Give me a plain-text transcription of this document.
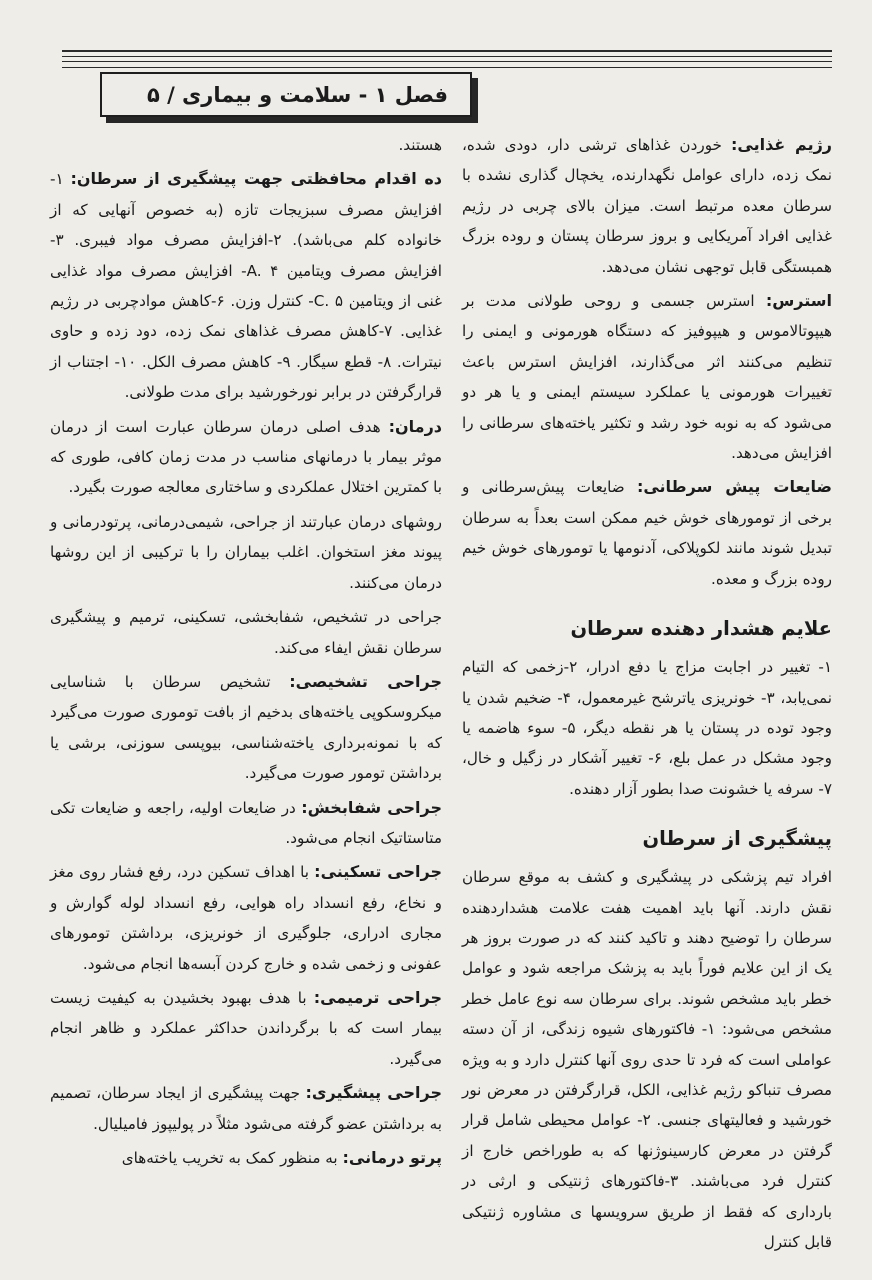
فصل ۱ - سلامت و بیماری / ۵

رژیم غذایی: خوردن غذاهای ترشی دار، دودی شده، نمک زده، دارای عوامل نگهدارنده، یخچال گذاری نشده با سرطان معده مرتبط است. میزان بالای چربی در رژیم غذایی افراد آمریکایی و بروز سرطان پستان و روده بزرگ همبستگی قابل توجهی نشان می‌دهد.

استرس: استرس جسمی و روحی طولانی مدت بر هیپوتالاموس و هیپوفیز که دستگاه هورمونی و ایمنی را تنظیم می‌کنند اثر می‌گذارند، افزایش استرس باعث تغییرات هورمونی یا عملکرد سیستم ایمنی و یا هر دو می‌شود که به نوبه خود رشد و تکثیر یاخته‌های سرطانی را افزایش می‌دهد.

ضایعات پیش سرطانی: ضایعات پیش‌سرطانی و برخی از تومورهای خوش خیم ممکن است بعداً به سرطان تبدیل شوند مانند لکوپلاکی، آدنومها یا تومورهای خوش خیم روده بزرگ و معده.

علایم هشدار دهنده سرطان

۱- تغییر در اجابت مزاج یا دفع ادرار، ۲-زخمی که التیام نمی‌یابد، ۳- خونریزی یاترشح غیرمعمول، ۴- ضخیم شدن یا وجود توده در پستان یا هر نقطه دیگر، ۵- سوء هاضمه یا وجود مشکل در عمل بلع، ۶- تغییر آشکار در زگیل و خال، ۷- سرفه یا خشونت صدا بطور آزار دهنده.

پیشگیری از سرطان

افراد تیم پزشکی در پیشگیری و کشف به موقع سرطان نقش دارند. آنها باید اهمیت هفت علامت هشداردهنده سرطان را توضیح دهند و تاکید کنند که در صورت بروز هر یک از این علایم فوراً باید به پزشک مراجعه شود و عوامل خطر باید مشخص شوند. برای سرطان سه نوع عامل خطر مشخص می‌شود: ۱- فاکتورهای شیوه زندگی، از آن دسته عواملی است که فرد تا حدی روی آنها کنترل دارد و به ویژه مصرف تنباکو رژیم غذایی، الکل، قرارگرفتن در معرض نور خورشید و فعالیتهای جنسی. ۲- عوامل محیطی شامل قرار گرفتن در معرض کارسینوژنها که به طوراخص خارج از کنترل فرد می‌باشند. ۳-فاکتورهای ژنتیکی و ارثی در بارداری که فقط از طریق سرویسها ی مشاوره ژنتیکی قابل کنترل

هستند.

ده اقدام محافظتی جهت پیشگیری از سرطان: ۱- افزایش مصرف سبزیجات تازه (به خصوص آنهایی که از خانواده کلم می‌باشد). ۲-افزایش مصرف مواد فیبری. ۳- افزایش مصرف ویتامین A. ۴- افزایش مصرف مواد غذایی غنی از ویتامین C. ۵- کنترل وزن. ۶-کاهش موادچربی در رژیم غذایی. ۷-کاهش مصرف غذاهای نمک زده، دود زده و حاوی نیترات. ۸- قطع سیگار. ۹- کاهش مصرف الکل. ۱۰- اجتناب از قرارگرفتن در برابر نورخورشید برای مدت طولانی.

درمان: هدف اصلی درمان سرطان عبارت است از درمان موثر بیمار با درمانهای مناسب در مدت زمان کافی، طوری که با کمترین اختلال عملکردی و ساختاری معالجه صورت بگیرد.

روشهای درمان عبارتند از جراحی، شیمی‌درمانی، پرتودرمانی و پیوند مغز استخوان. اغلب بیماران را با ترکیبی از این روشها درمان می‌کنند.

جراحی در تشخیص، شفابخشی، تسکینی، ترمیم و پیشگیری سرطان نقش ایفاء می‌کند.

جراحی تشخیصی: تشخیص سرطان با شناسایی میکروسکوپی یاخته‌های بدخیم از بافت توموری صورت می‌گیرد که با نمونه‌برداری یاخته‌شناسی، بیوپسی سوزنی، برشی یا برداشتن تومور صورت می‌گیرد.

جراحی شفابخش: در ضایعات اولیه، راجعه و ضایعات تکی متاستاتیک انجام می‌شود.

جراحی تسکینی: با اهداف تسکین درد، رفع فشار روی مغز و نخاع، رفع انسداد راه هوایی، رفع انسداد لوله گوارش و مجاری ادراری، جلوگیری از خونریزی، برداشتن تومورهای عفونی و زخمی شده و خارج کردن آبسه‌ها انجام می‌شود.

جراحی ترمیمی: با هدف بهبود بخشیدن به کیفیت زیست بیمار است که با برگرداندن حداکثر عملکرد و ظاهر انجام می‌گیرد.

جراحی پیشگیری: جهت پیشگیری از ایجاد سرطان، تصمیم به برداشتن عضو گرفته می‌شود مثلاً در پولیپوز فامیلیال.

پرتو درمانی: به منظور کمک به تخریب یاخته‌های
